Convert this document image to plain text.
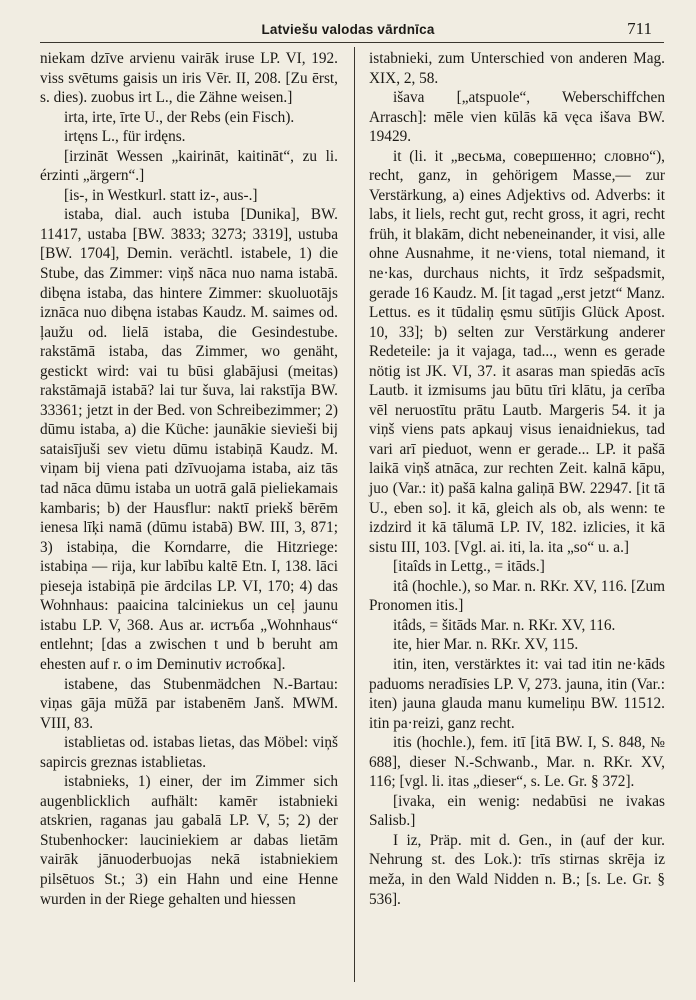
Latviešu valodas vārdnīca	711

niekam dzīve arvienu vairāk iruse LP. VI, 192. viss svētums gaisis un iris Vēr. II, 208. [Zu ērst, s. dies). zuobus irt L., die Zähne weisen.]

irta, irte, īrte U., der Rebs (ein Fisch).

irtęns L., für irdęns.

[irzināt Wessen „kairināt, kaitināt“, zu li. érzinti „ärgern“.]

[is-, in Westkurl. statt iz-, aus-.]

istaba, dial. auch istuba [Dunika], BW. 11417, ustaba [BW. 3833; 3273; 3319], ustuba [BW. 1704], Demin. verächtl. istabele, 1) die Stube, das Zimmer: viņš nāca nuo nama istabā. dibęna istaba, das hintere Zimmer: skuoluotājs iznāca nuo dibęna istabas Kaudz. M. saimes od. ļaužu od. lielā istaba, die Gesindestube. rakstāmā istaba, das Zimmer, wo genäht, gestickt wird: vai tu būsi glabājusi (meitas) rakstāmajā istabā? lai tur šuva, lai rakstīja BW. 33361; jetzt in der Bed. von Schreibezimmer; 2) dūmu istaba, a) die Küche: jaunākie sievieši bij sataisījuši sev vietu dūmu istabiņā Kaudz. M. viņam bij viena pati dzīvuojama istaba, aiz tās tad nāca dūmu istaba un uotrā galā pieliekamais kambaris; b) der Hausflur: naktī priekš bērēm ienesa līķi namā (dūmu istabā) BW. III, 3, 871; 3) istabiņa, die Korndarre, die Hitzriege: istabiņa — rija, kur labību kaltē Etn. I, 138. lāci pieseja istabiņā pie ārdcilas LP. VI, 170; 4) das Wohnhaus: paaicina talciniekus un ceļ jaunu istabu LP. V, 368. Aus ar. истъба „Wohnhaus“ entlehnt; [das a zwischen t und b beruht am ehesten auf r. o im Deminutiv истобка].

istabene, das Stubenmädchen N.-Bartau: viņas gāja mūžā par istabenēm Janš. MWM. VIII, 83.

istablietas od. istabas lietas, das Möbel: viņš sapircis greznas istablietas.

istabnieks, 1) einer, der im Zimmer sich augenblicklich aufhält: kamēr istabnieki atskrien, raganas jau gabalā LP. V, 5; 2) der Stubenhocker: lauciniekiem ar dabas lietām vairāk jānuoderbuojas nekā istabniekiem pilsētuos St.; 3) ein Hahn und eine Henne wurden in der Riege gehalten und hiessen

istabnieki, zum Unterschied von anderen Mag. XIX, 2, 58.

išava [„atspuole“, Weberschiffchen Arrasch]: mēle vien kūlās kā vęca išava BW. 19429.

it (li. it „весьма, совершенно; словно“), recht, ganz, in gehörigem Masse,— zur Verstärkung, a) eines Adjektivs od. Adverbs: it labs, it liels, recht gut, recht gross, it agri, recht früh, it blakām, dicht nebeneinander, it visi, alle ohne Ausnahme, it ne·viens, total niemand, it ne·kas, durchaus nichts, it īrdz sešpadsmit, gerade 16 Kaudz. M. [it tagad „erst jetzt“ Manz. Lettus. es it tūdaliņ ęsmu sūtījis Glück Apost. 10, 33]; b) selten zur Verstärkung anderer Redeteile: ja it vajaga, tad..., wenn es gerade nötig ist JK. VI, 37. it asaras man spiedās acīs Lautb. it izmisums jau būtu tīri klātu, ja cerība vēl neruostītu prātu Lautb. Margeris 54. it ja viņš viens pats apkauj visus ienaidniekus, tad vari arī pieduot, wenn er gerade... LP. it pašā laikā viņš atnāca, zur rechten Zeit. kalnā kāpu, juo (Var.: it) pašā kalna galiņā BW. 22947. [it tā U., eben so]. it kā, gleich als ob, als wenn: te izdzird it kā tālumā LP. IV, 182. izlicies, it kā sistu III, 103. [Vgl. ai. iti, la. ita „so“ u. a.]

[itaîds in Lettg., = itāds.]

itâ (hochle.), so Mar. n. RKr. XV, 116. [Zum Pronomen itis.]

itâds, = šitāds Mar. n. RKr. XV, 116.

ite, hier Mar. n. RKr. XV, 115.

itin, iten, verstärktes it: vai tad itin ne·kāds paduoms neradīsies LP. V, 273. jauna, itin (Var.: iten) jauna glauda manu kumeliņu BW. 11512. itin pa·reizi, ganz recht.

itis (hochle.), fem. itī [itā BW. I, S. 848, № 688], dieser N.-Schwanb., Mar. n. RKr. XV, 116; [vgl. li. itas „dieser“, s. Le. Gr. § 372].

[ivaka, ein wenig: nedabūsi ne ivakas Salisb.]

I iz, Präp. mit d. Gen., in (auf der kur. Nehrung st. des Lok.): trīs stirnas skrēja iz meža, in den Wald Nidden n. B.; [s. Le. Gr. § 536].
